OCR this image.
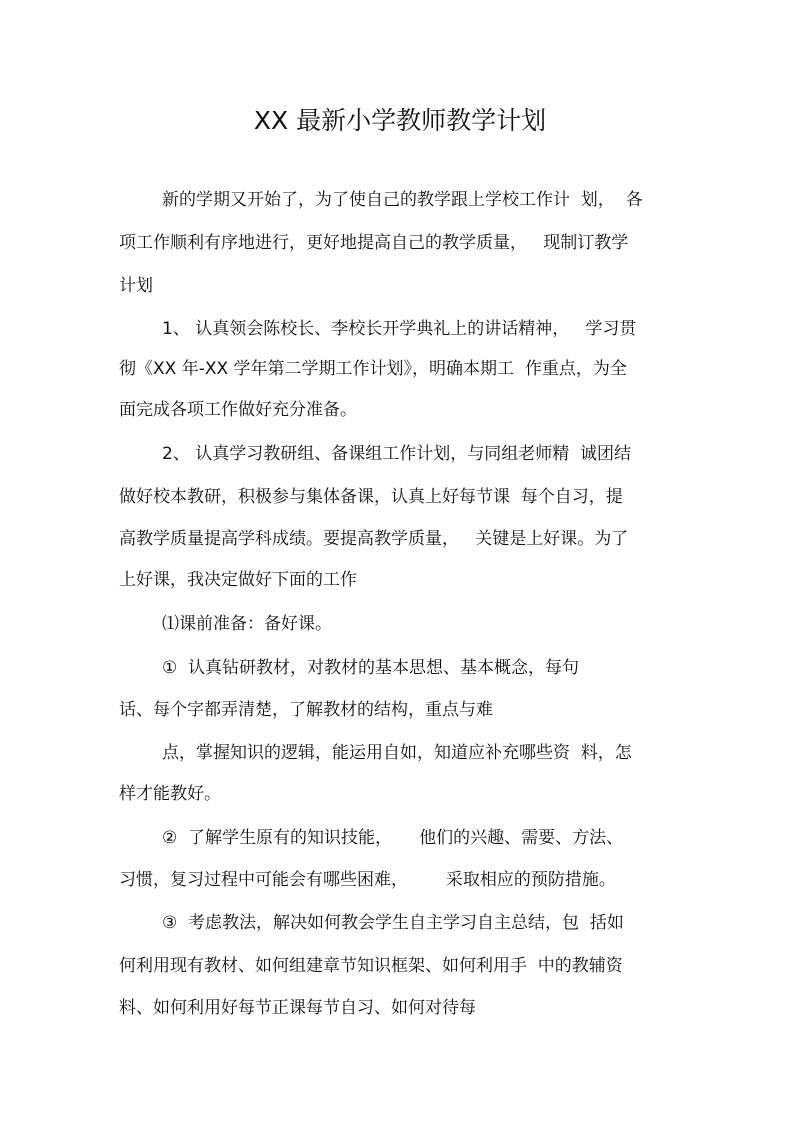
XX 最新小学教师教学计划

新的学期又开始了，为了使自己的教学跟上学校工作计  划，  各

项工作顺利有序地进行，更好地提高自己的教学质量，   现制订教学

计划

1、 认真领会陈校长、李校长开学典礼上的讲话精神，   学习贯

彻《XX 年-XX 学年第二学期工作计划》，明确本期工  作重点，为全

面完成各项工作做好充分准备。

2、 认真学习教研组、备课组工作计划，与同组老师精  诚团结

做好校本教研，积极参与集体备课，认真上好每节课  每个自习，提

高教学质量提高学科成绩。要提高教学质量，   关键是上好课。为了

上好课，我决定做好下面的工作

⑴课前准备：备好课。

①  认真钻研教材，对教材的基本思想、基本概念，每句

话、每个字都弄清楚，了解教材的结构，重点与难

点，掌握知识的逻辑，能运用自如，知道应补充哪些资  料，怎

样才能教好。

②  了解学生原有的知识技能，     他们的兴趣、需要、方法、

习惯，复习过程中可能会有哪些困难，       采取相应的预防措施。

③  考虑教法，解决如何教会学生自主学习自主总结，包  括如

何利用现有教材、如何组建章节知识框架、如何利用手  中的教辅资

料、如何利用好每节正课每节自习、如何对待每
